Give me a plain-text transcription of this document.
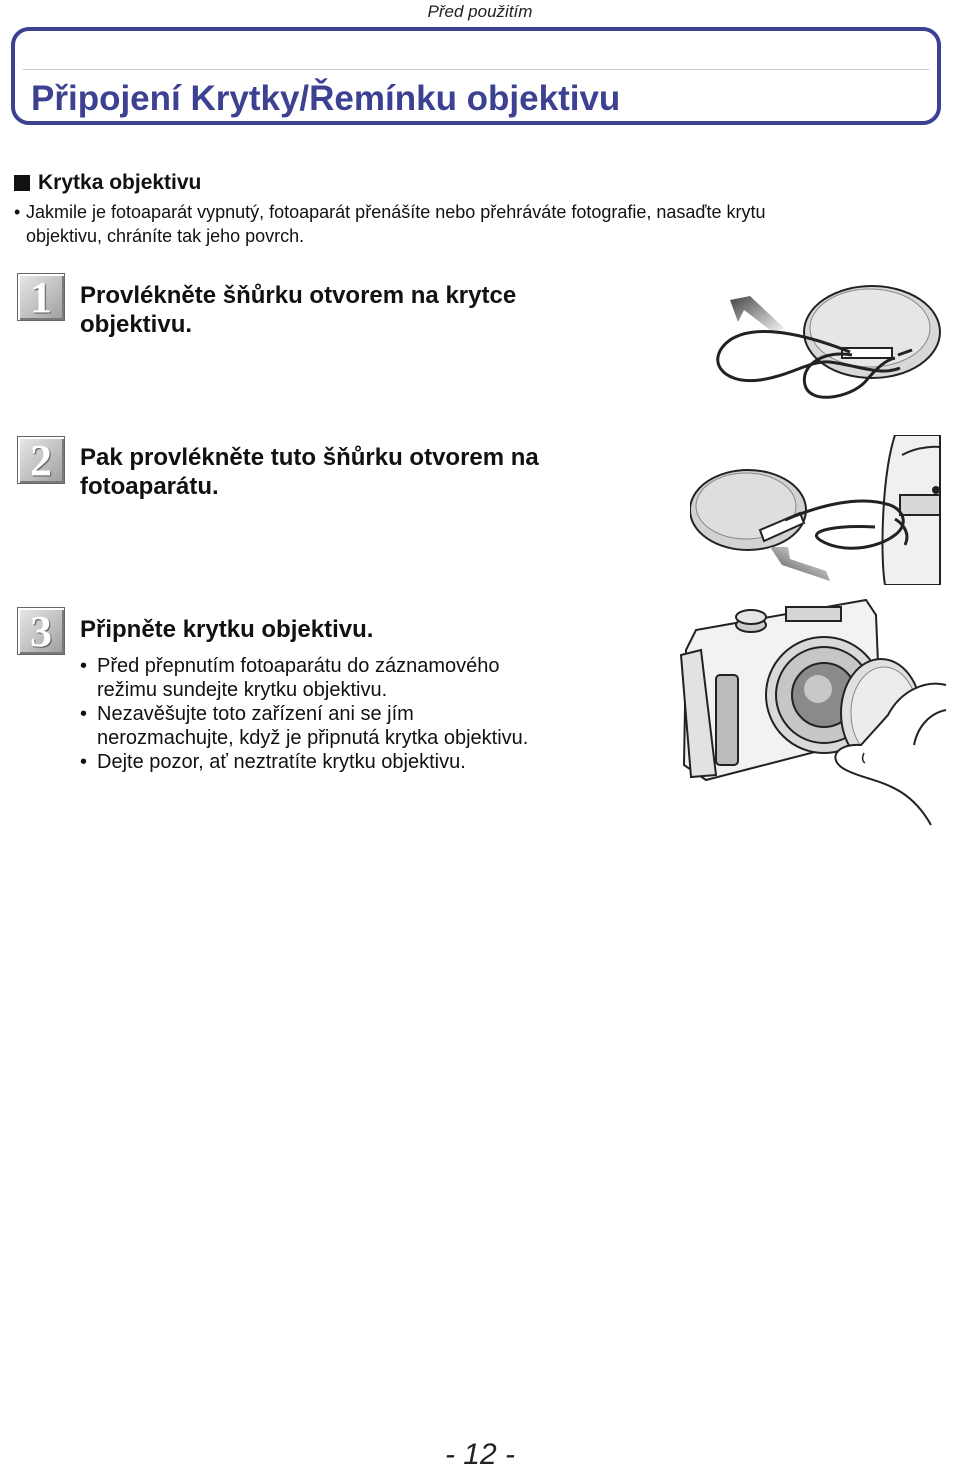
Před použitím
Připojení Krytky/Řemínku objektivu
Krytka objektivu
• Jakmile je fotoaparát vypnutý, fotoaparát přenášíte nebo přehráváte fotografie, nasaďte krytu
objektivu, chráníte tak jeho povrch.
1	Provlékněte šňůrku otvorem na krytce
objektivu.
2	Pak provlékněte tuto šňůrku otvorem na
fotoaparátu.
3	Připněte krytku objektivu.
• Před přepnutím fotoaparátu do záznamového
režimu sundejte krytku objektivu.
• Nezavěšujte toto zařízení ani se jím
nerozmachujte, když je připnutá krytka objektivu.
• Dejte pozor, ať neztratíte krytku objektivu.
- 12 -
